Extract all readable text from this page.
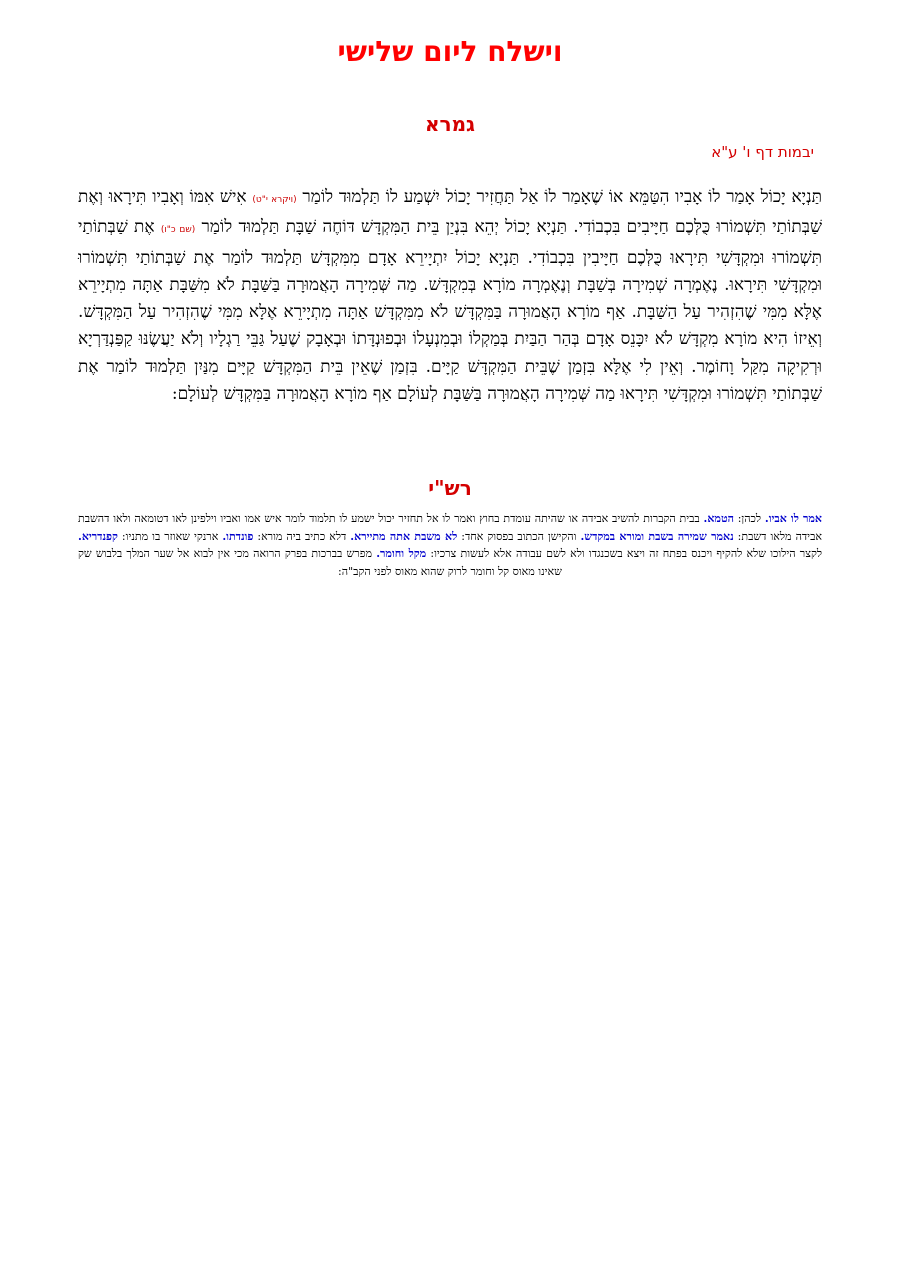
וישלח ליום שלישי
גמרא
יבמות דף ו' ע"א
תַּנְיָא יָכוֹל אָמַר לוֹ אָבִיו הִטַּמֵּא אוֹ שֶׁאָמַר לוֹ אַל תַּחֲזִיר יָכוֹל יִשְׁמַע לוֹ תַּלְמוּד לוֹמַר (ויקרא י"ט) אִישׁ אִמּוֹ וְאָבִיו תִּירָאוּ וְאֶת שַׁבְּתוֹתַי תִּשְׁמוֹרוּ כֻּלְּכֶם חַיָּיבִים בִּכְבוֹדִי. תַּנְיָא יָכוֹל יְהֵא בִּנְיַן בֵּית הַמִּקְדָּשׁ דּוֹחֶה שַׁבָּת תַּלְמוּד לוֹמַר (שם כ"ו) אֶת שַׁבְּתוֹתַי תִּשְׁמוֹרוּ וּמִקְדָּשִׁי תִּירָאוּ כֻּלְּכֶם חַיָּיבִין בִּכְבוֹדִי. תַּנְיָא יָכוֹל יִתְיָירֵא אָדָם מִמִּקְדָּשׁ תַּלְמוּד לוֹמַר אֶת שַׁבְּתוֹתַי תִּשְׁמוֹרוּ וּמִקְדָּשִׁי תִּירָאוּ. נֶאֶמְרָה שְׁמִירָה בְּשַׁבָּת וְנֶאֶמְרָה מוֹרָא בְּמִקְדָּשׁ. מַה שְּׁמִירָה הָאֲמוּרָה בַּשַּׁבָּת לֹא מִשַּׁבָּת אַתָּה מִתְיָירֵא אֶלָּא מִמִּי שֶׁהִזְהִיר עַל הַשַּׁבָּת. אַף מוֹרָא הָאֲמוּרָה בַּמִּקְדָּשׁ לֹא מִמִּקְדָּשׁ אַתָּה מִתְיָירֵא אֶלָּא מִמִּי שֶׁהִזְהִיר עַל הַמִּקְדָּשׁ. וְאֵיזוֹ הִיא מוֹרָא מִקְדָּשׁ לֹא יִכָּנֵס אָדָם בְּהַר הַבַּיִת בְּמַקְלוֹ וּבְמִנְעָלוֹ וּבְפוּנְדָּתוֹ וּבְאָבָק שֶׁעַל גַּבֵּי רַגְלָיו וְלֹא יַעֲשֶׂנּוּ קַפַּנְדַּרְיָא וּרְקִיקָה מִקַּל וָחוֹמֶר. וְאֵין לִי אֶלָּא בִּזְמַן שֶׁבֵּית הַמִּקְדָּשׁ קַיָּים. בִּזְמַן שֶׁאֵין בֵּית הַמִּקְדָּשׁ קַיָּים מִנַּיִן תַּלְמוּד לוֹמַר אֶת שַׁבְּתוֹתַי תִּשְׁמוֹרוּ וּמִקְדָּשִׁי תִּירָאוּ מַה שְּׁמִירָה הָאֲמוּרָה בַּשַּׁבָּת לְעוֹלָם אַף מוֹרָא הָאֲמוּרָה בַּמִּקְדָּשׁ לְעוֹלָם:
רש"י
אמר לו אביו. לכהן: הטמא. בבית הקברות להשיב אבידה או שהיתה עומדת בחוץ ואמר לו אל תחזיר יכול ישמע לו תלמוד לומר איש אמו ואביו וילפינן לאו דטומאה ולאו דהשבת אבידה מלאו דשבת: נאמר שמירה בשבת ומורא במקדש. והקישן הכתוב בפסוק אחד: לא משבת אתה מתיירא. דלא כתיב ביה מורא: פונדתו. ארנקי שאוזר בו מתניו: קפנדריא. לקצר הילוכו שלא להקיף ויכנס בפתח זה ויצא בשכנגדו ולא לשם עבודה אלא לעשות צרכיו: מקל וחומר. מפרש בברכות בפרק הרואה מכי אין לבוא אל שער המלך בלבוש שק שאינו מאוס קל וחומר לרוק שהוא מאוס לפני הקב"ה:
